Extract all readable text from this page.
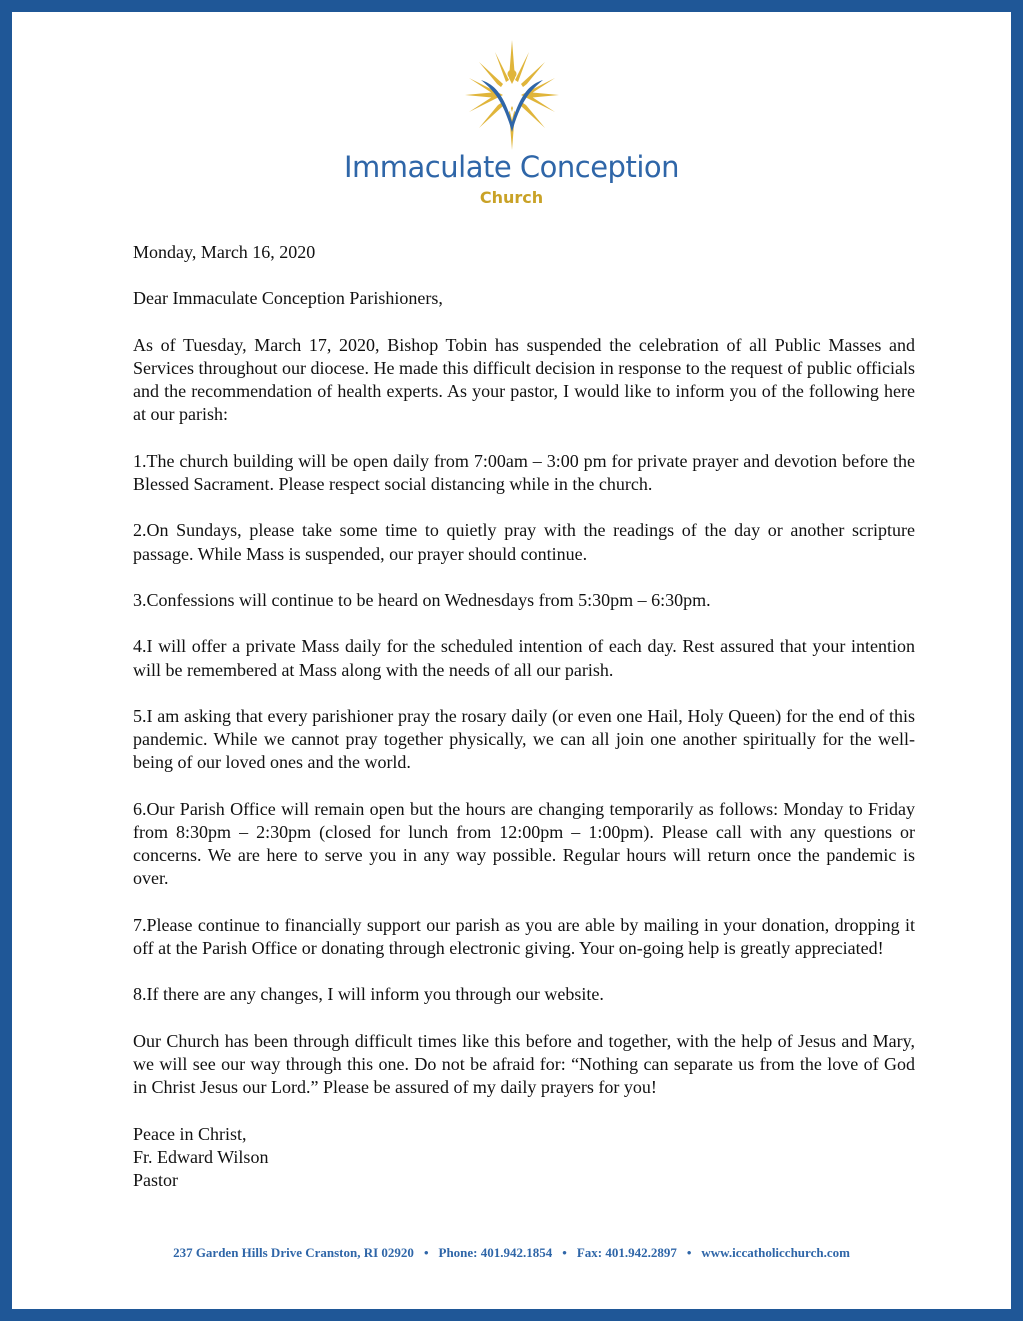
Immaculate Conception
Church

Monday, March 16, 2020

Dear Immaculate Conception Parishioners,

As of Tuesday, March 17, 2020, Bishop Tobin has suspended the celebration of all Public Masses and Services throughout our diocese. He made this difficult decision in response to the request of public officials and the recommendation of health experts. As your pastor, I would like to inform you of the following here at our parish:

1.The church building will be open daily from 7:00am – 3:00 pm for private prayer and devotion before the Blessed Sacrament. Please respect social distancing while in the church.

2.On Sundays, please take some time to quietly pray with the readings of the day or another scripture passage. While Mass is suspended, our prayer should continue.

3.Confessions will continue to be heard on Wednesdays from 5:30pm – 6:30pm.

4.I will offer a private Mass daily for the scheduled intention of each day. Rest assured that your intention will be remembered at Mass along with the needs of all our parish.

5.I am asking that every parishioner pray the rosary daily (or even one Hail, Holy Queen) for the end of this pandemic. While we cannot pray together physically, we can all join one another spiritually for the well-being of our loved ones and the world.

6.Our Parish Office will remain open but the hours are changing temporarily as follows: Monday to Friday from 8:30pm – 2:30pm (closed for lunch from 12:00pm – 1:00pm). Please call with any questions or concerns. We are here to serve you in any way possible. Regular hours will return once the pandemic is over.

7.Please continue to financially support our parish as you are able by mailing in your donation, dropping it off at the Parish Office or donating through electronic giving. Your on-going help is greatly appreciated!

8.If there are any changes, I will inform you through our website.

Our Church has been through difficult times like this before and together, with the help of Jesus and Mary, we will see our way through this one. Do not be afraid for: “Nothing can separate us from the love of God in Christ Jesus our Lord.” Please be assured of my daily prayers for you!

Peace in Christ,
Fr. Edward Wilson
Pastor
237 Garden Hills Drive Cranston, RI 02920 • Phone: 401.942.1854 • Fax: 401.942.2897 • www.iccatholicchurch.com
